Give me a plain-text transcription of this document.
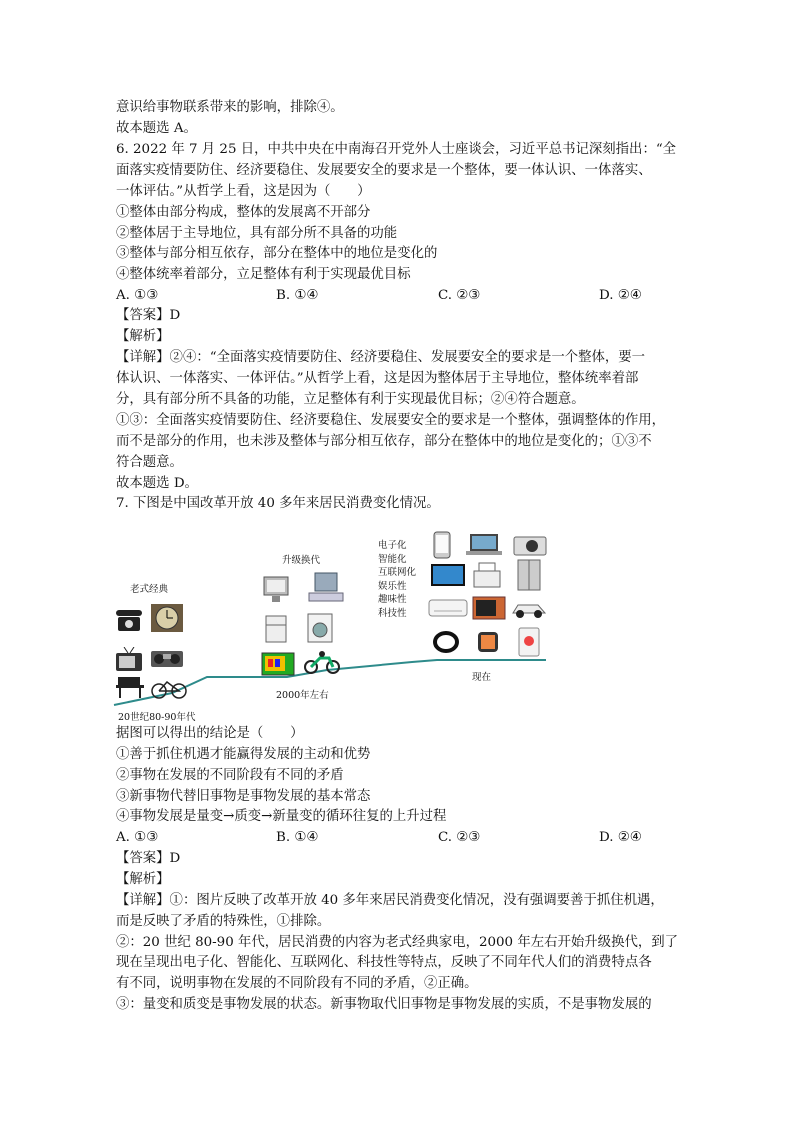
意识给事物联系带来的影响，排除④。
故本题选 A。
6. 2022 年 7 月 25 日，中共中央在中南海召开党外人士座谈会，习近平总书记深刻指出：“全
面落实疫情要防住、经济要稳住、发展要安全的要求是一个整体，要一体认识、一体落实、
一体评估。”从哲学上看，这是因为（　　）
①整体由部分构成，整体的发展离不开部分
②整体居于主导地位，具有部分所不具备的功能
③整体与部分相互依存，部分在整体中的地位是变化的
④整体统率着部分，立足整体有利于实现最优目标
A. ①③	B. ①④	C. ②③	D. ②④
【答案】D
【解析】
【详解】②④：“全面落实疫情要防住、经济要稳住、发展要安全的要求是一个整体，要一
体认识、一体落实、一体评估。”从哲学上看，这是因为整体居于主导地位，整体统率着部
分，具有部分所不具备的功能，立足整体有利于实现最优目标；②④符合题意。
①③：全面落实疫情要防住、经济要稳住、发展要安全的要求是一个整体，强调整体的作用，
而不是部分的作用，也未涉及整体与部分相互依存，部分在整体中的地位是变化的；①③不
符合题意。
故本题选 D。
7. 下图是中国改革开放 40 多年来居民消费变化情况。
老式经典
升级换代
电子化
智能化
互联网化
娱乐性
趣味性
科技性
20世纪80-90年代
2000年左右
现在
据图可以得出的结论是（　　）
①善于抓住机遇才能赢得发展的主动和优势
②事物在发展的不同阶段有不同的矛盾
③新事物代替旧事物是事物发展的基本常态
④事物发展是量变→质变→新量变的循环往复的上升过程
A. ①③	B. ①④	C. ②③	D. ②④
【答案】D
【解析】
【详解】①：图片反映了改革开放 40 多年来居民消费变化情况，没有强调要善于抓住机遇，
而是反映了矛盾的特殊性，①排除。
②：20 世纪 80-90 年代，居民消费的内容为老式经典家电，2000 年左右开始升级换代，到了
现在呈现出电子化、智能化、互联网化、科技性等特点，反映了不同年代人们的消费特点各
有不同，说明事物在发展的不同阶段有不同的矛盾，②正确。
③：量变和质变是事物发展的状态。新事物取代旧事物是事物发展的实质，不是事物发展的
